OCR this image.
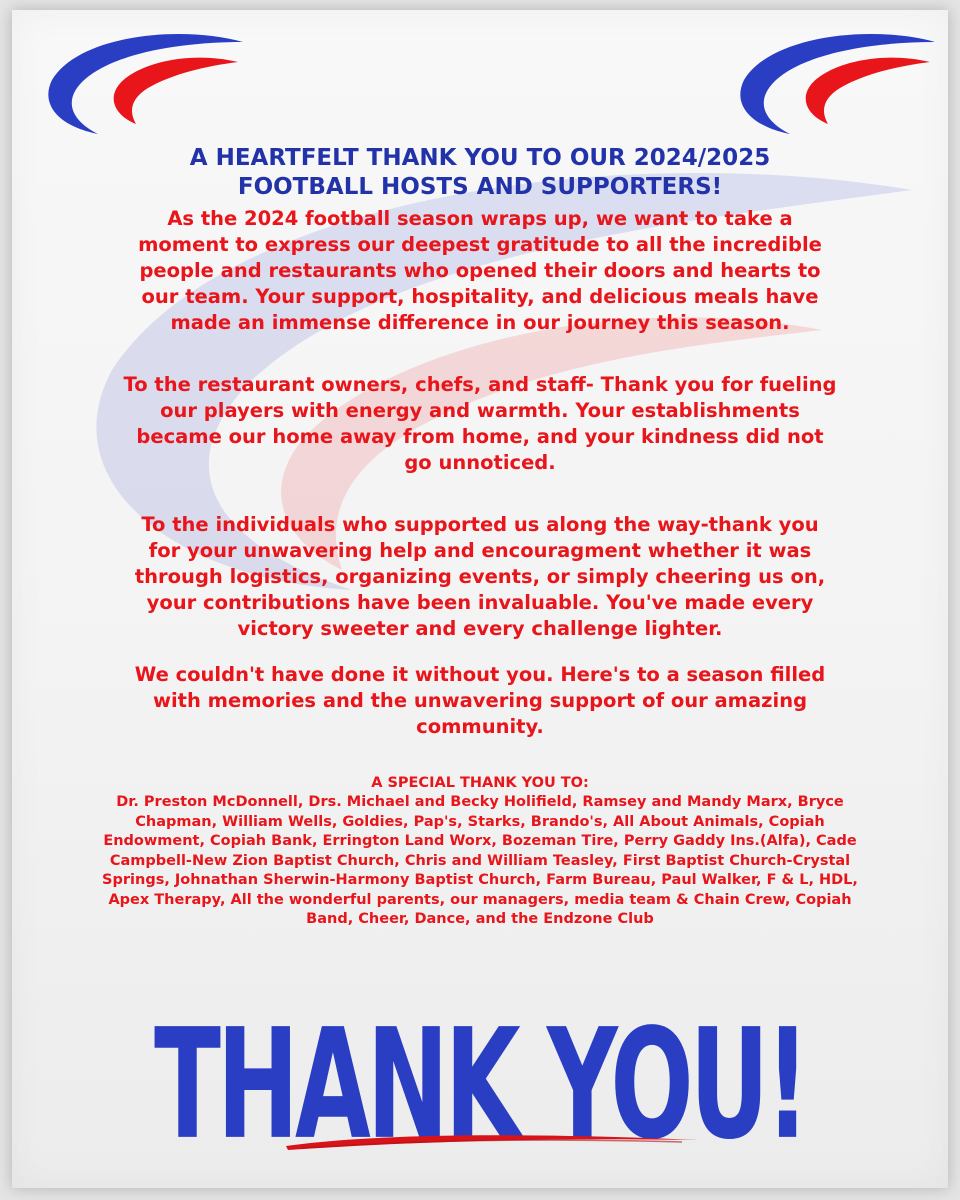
A HEARTFELT THANK YOU TO OUR 2024/2025
FOOTBALL HOSTS AND SUPPORTERS!

As the 2024 football season wraps up, we want to take a
moment to express our deepest gratitude to all the incredible
people and restaurants who opened their doors and hearts to
our team. Your support, hospitality, and delicious meals have
made an immense difference in our journey this season.

To the restaurant owners, chefs, and staff- Thank you for fueling
our players with energy and warmth. Your establishments
became our home away from home, and your kindness did not
go unnoticed.

To the individuals who supported us along the way-thank you
for your unwavering help and encouragment whether it was
through logistics, organizing events, or simply cheering us on,
your contributions have been invaluable. You've made every
victory sweeter and every challenge lighter.

We couldn't have done it without you. Here's to a season filled
with memories and the unwavering support of our amazing
community.

A SPECIAL THANK YOU TO:
Dr. Preston McDonnell, Drs. Michael and Becky Holifield, Ramsey and Mandy Marx, Bryce
Chapman, William Wells, Goldies, Pap's, Starks, Brando's, All About Animals, Copiah
Endowment, Copiah Bank, Errington Land Worx, Bozeman Tire, Perry Gaddy Ins.(Alfa), Cade
Campbell-New Zion Baptist Church, Chris and William Teasley, First Baptist Church-Crystal
Springs, Johnathan Sherwin-Harmony Baptist Church, Farm Bureau, Paul Walker, F & L, HDL,
Apex Therapy, All the wonderful parents, our managers, media team & Chain Crew, Copiah
Band, Cheer, Dance, and the Endzone Club
THANK YOU!
